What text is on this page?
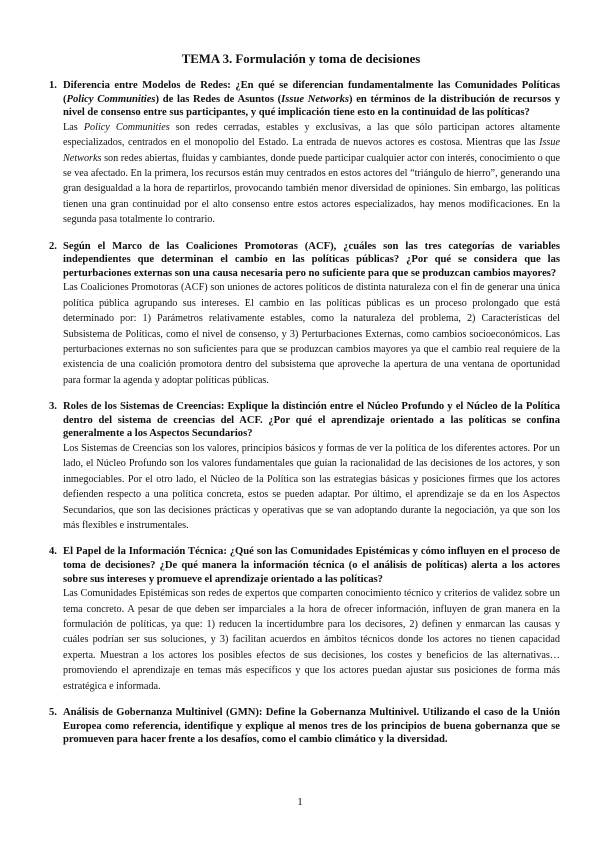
TEMA 3. Formulación y toma de decisiones
1. Diferencia entre Modelos de Redes: ¿En qué se diferencian fundamentalmente las Comunidades Políticas (Policy Communities) de las Redes de Asuntos (Issue Networks) en términos de la distribución de recursos y nivel de consenso entre sus participantes, y qué implicación tiene esto en la continuidad de las políticas?

Las Policy Communities son redes cerradas, estables y exclusivas, a las que sólo participan actores altamente especializados, centrados en el monopolio del Estado. La entrada de nuevos actores es costosa. Mientras que las Issue Networks son redes abiertas, fluidas y cambiantes, donde puede participar cualquier actor con interés, conocimiento o que se vea afectado. En la primera, los recursos están muy centrados en estos actores del “triángulo de hierro”, generando una gran desigualdad a la hora de repartirlos, provocando también menor diversidad de opiniones. Sin embargo, las políticas tienen una gran continuidad por el alto consenso entre estos actores especializados, hay menos modificaciones. En la segunda pasa totalmente lo contrario.

2. Según el Marco de las Coaliciones Promotoras (ACF), ¿cuáles son las tres categorías de variables independientes que determinan el cambio en las políticas públicas? ¿Por qué se considera que las perturbaciones externas son una causa necesaria pero no suficiente para que se produzcan cambios mayores?

Las Coaliciones Promotoras (ACF) son uniones de actores políticos de distinta naturaleza con el fin de generar una única política pública agrupando sus intereses. El cambio en las políticas públicas es un proceso prolongado que está determinado por: 1) Parámetros relativamente estables, como la naturaleza del problema, 2) Características del Subsistema de Políticas, como el nivel de consenso, y 3) Perturbaciones Externas, como cambios socioeconómicos. Las perturbaciones externas no son suficientes para que se produzcan cambios mayores ya que el cambio real requiere de la existencia de una coalición promotora dentro del subsistema que aproveche la apertura de una ventana de oportunidad para formar la agenda y adoptar políticas públicas.

3. Roles de los Sistemas de Creencias: Explique la distinción entre el Núcleo Profundo y el Núcleo de la Política dentro del sistema de creencias del ACF. ¿Por qué el aprendizaje orientado a las políticas se confina generalmente a los Aspectos Secundarios?

Los Sistemas de Creencias son los valores, principios básicos y formas de ver la política de los diferentes actores. Por un lado, el Núcleo Profundo son los valores fundamentales que guían la racionalidad de las decisiones de los actores, y son inmegociables. Por el otro lado, el Núcleo de la Política son las estrategias básicas y posiciones firmes que los actores defienden respecto a una política concreta, estos se pueden adaptar. Por último, el aprendizaje se da en los Aspectos Secundarios, que son las decisiones prácticas y operativas que se van adoptando durante la negociación, ya que son los más flexibles e instrumentales.

4. El Papel de la Información Técnica: ¿Qué son las Comunidades Epistémicas y cómo influyen en el proceso de toma de decisiones? ¿De qué manera la información técnica (o el análisis de políticas) alerta a los actores sobre sus intereses y promueve el aprendizaje orientado a las políticas?

Las Comunidades Epistémicas son redes de expertos que comparten conocimiento técnico y criterios de validez sobre un tema concreto. A pesar de que deben ser imparciales a la hora de ofrecer información, influyen de gran manera en la formulación de políticas, ya que: 1) reducen la incertidumbre para los decisores, 2) definen y enmarcan las causas y cuáles podrían ser sus soluciones, y 3) facilitan acuerdos en ámbitos técnicos donde los actores no tienen capacidad experta. Muestran a los actores los posibles efectos de sus decisiones, los costes y beneficios de las alternativas… promoviendo el aprendizaje en temas más específicos y que los actores puedan ajustar sus posiciones de forma más estratégica e informada.

5. Análisis de Gobernanza Multinivel (GMN): Define la Gobernanza Multinivel. Utilizando el caso de la Unión Europea como referencia, identifique y explique al menos tres de los principios de buena gobernanza que se promueven para hacer frente a los desafíos, como el cambio climático y la diversidad.

1
